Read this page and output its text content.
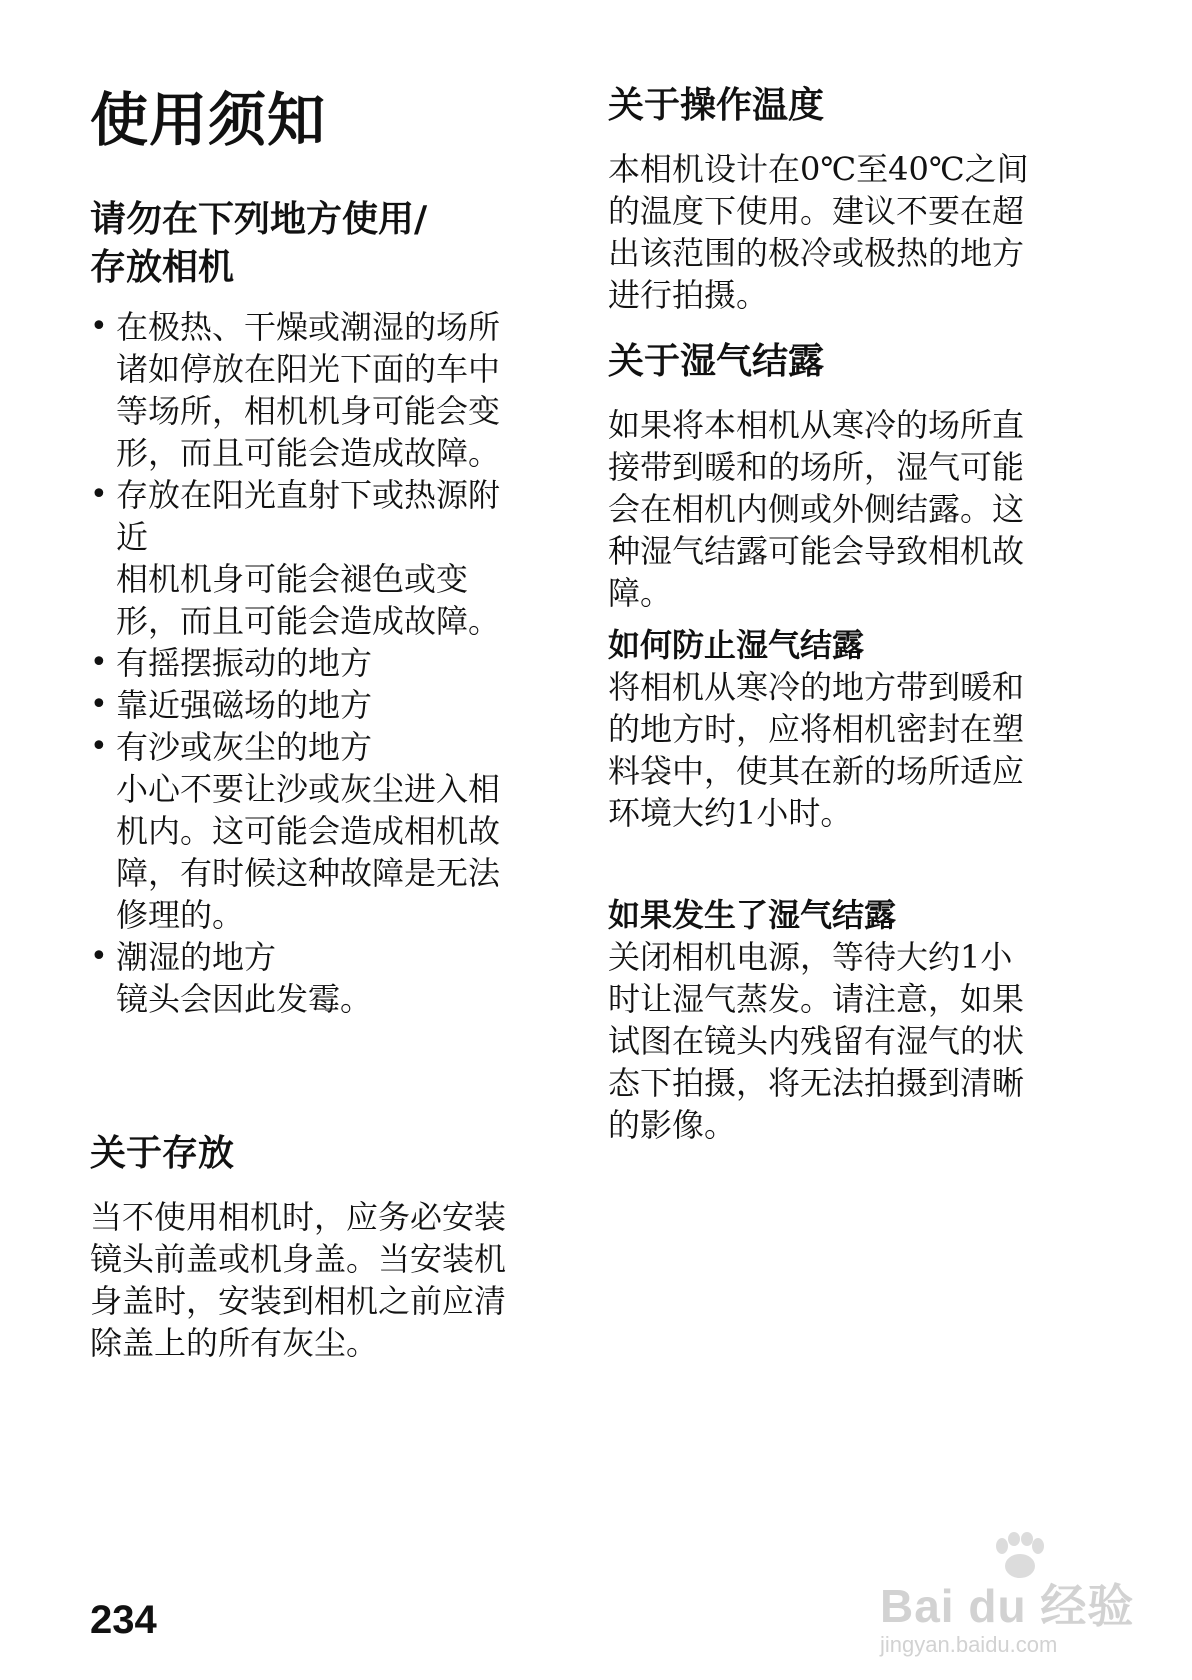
使用须知
请勿在下列地方使用/
存放相机
• 在极热、干燥或潮湿的场所
诸如停放在阳光下面的车中等场所，相机机身可能会变形，而且可能会造成故障。
• 存放在阳光直射下或热源附近
相机机身可能会褪色或变形，而且可能会造成故障。
• 有摇摆振动的地方
• 靠近强磁场的地方
• 有沙或灰尘的地方
小心不要让沙或灰尘进入相机内。这可能会造成相机故障，有时候这种故障是无法修理的。
• 潮湿的地方
镜头会因此发霉。
关于存放

当不使用相机时，应务必安装镜头前盖或机身盖。当安装机身盖时，安装到相机之前应清除盖上的所有灰尘。

关于操作温度

本相机设计在0℃至40℃之间的温度下使用。建议不要在超出该范围的极冷或极热的地方进行拍摄。

关于湿气结露

如果将本相机从寒冷的场所直接带到暖和的场所，湿气可能会在相机内侧或外侧结露。这种湿气结露可能会导致相机故障。

如何防止湿气结露

将相机从寒冷的地方带到暖和的地方时，应将相机密封在塑料袋中，使其在新的场所适应环境大约1小时。

如果发生了湿气结露

关闭相机电源，等待大约1小时让湿气蒸发。请注意，如果试图在镜头内残留有湿气的状态下拍摄，将无法拍摄到清晰的影像。

234	Bai du 经验
jingyan.baidu.com
